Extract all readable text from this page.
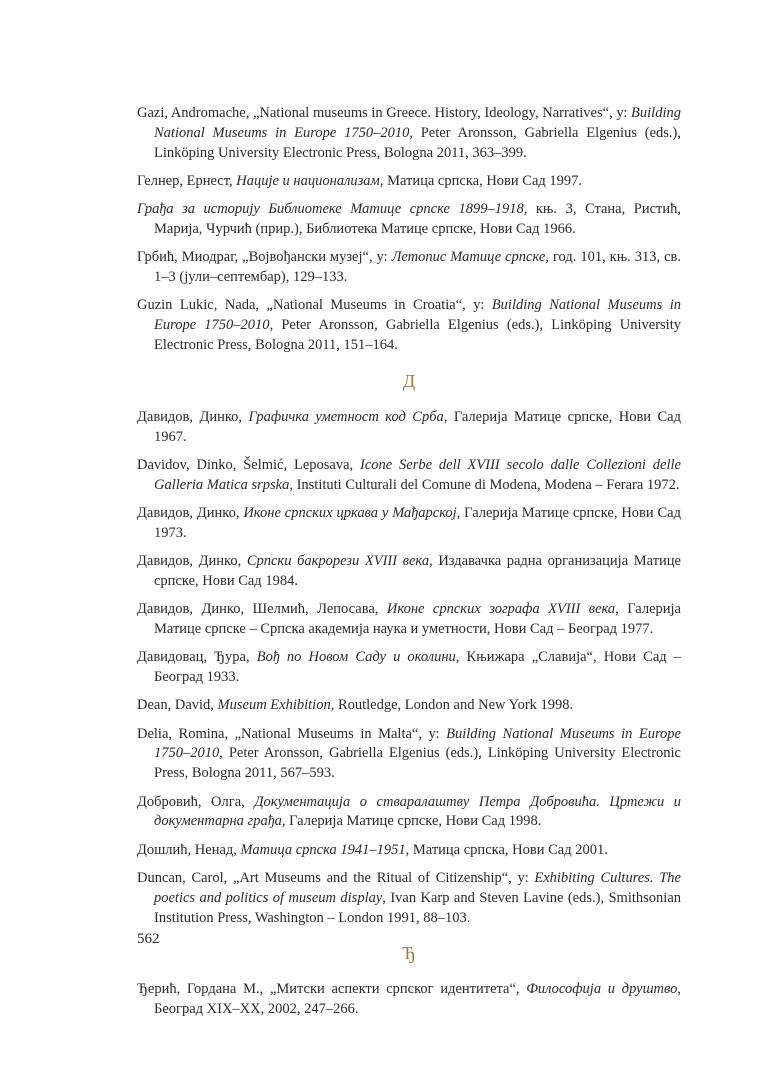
Gazi, Andromache, „National museums in Greece. History, Ideology, Narratives“, у: Building National Museums in Europe 1750–2010, Peter Aronsson, Gabriella Elgenius (eds.), Linköping University Electronic Press, Bologna 2011, 363–399.

Гелнер, Ернест, Нације и национализам, Матица српска, Нови Сад 1997.

Грађа за историју Библиотеке Матице српске 1899–1918, књ. 3, Стана, Ристић, Марија, Чурчић (прир.), Библиотека Матице српске, Нови Сад 1966.

Грбић, Миодраг, „Војвођански музеј“, у: Летопис Матице српске, год. 101, књ. 313, св. 1–3 (јули–септембар), 129–133.

Guzin Lukic, Nada, „National Museums in Croatia“, у: Building National Museums in Europe 1750–2010, Peter Aronsson, Gabriella Elgenius (eds.), Linköping University Electronic Press, Bologna 2011, 151–164.

Д

Давидов, Динко, Графичка уметност код Срба, Галерија Матице српске, Нови Сад 1967.

Davidov, Dinko, Šelmić, Leposava, Icone Serbe dell XVIII secolo dalle Collezioni delle Galleria Matica srpska, Instituti Culturali del Comune di Modena, Modena – Ferara 1972.

Давидов, Динко, Иконе српских цркава у Мађарској, Галерија Матице српске, Нови Сад 1973.

Давидов, Динко, Српски бакрорези XVIII века, Издавачка радна организација Матице српске, Нови Сад 1984.

Давидов, Динко, Шелмић, Лепосава, Иконе српских зографа XVIII века, Галерија Матице српске – Српска академија наука и уметности, Нови Сад – Београд 1977.

Давидовац, Ђура, Вођ по Новом Саду и околини, Књижара „Славија“, Нови Сад – Београд 1933.

Dean, David, Museum Exhibition, Routledge, London and New York 1998.

Delia, Romina, „National Museums in Malta“, у: Building National Museums in Europe 1750–2010, Peter Aronsson, Gabriella Elgenius (eds.), Linköping University Electronic Press, Bologna 2011, 567–593.

Добровић, Олга, Документација о стваралаштву Петра Добровића. Цртежи и документарна грађа, Галерија Матице српске, Нови Сад 1998.

Дошлић, Ненад, Матица српска 1941–1951, Матица српска, Нови Сад 2001.

Duncan, Carol, „Art Museums and the Ritual of Citizenship“, у: Exhibiting Cultures. The poetics and politics of museum display, Ivan Karp and Steven Lavine (eds.), Smithsonian Institution Press, Washington – London 1991, 88–103.

Ђ

Ђерић, Гордана М., „Митски аспекти српског идентитета“, Философија и друштво, Београд XIX–XX, 2002, 247–266.

562
